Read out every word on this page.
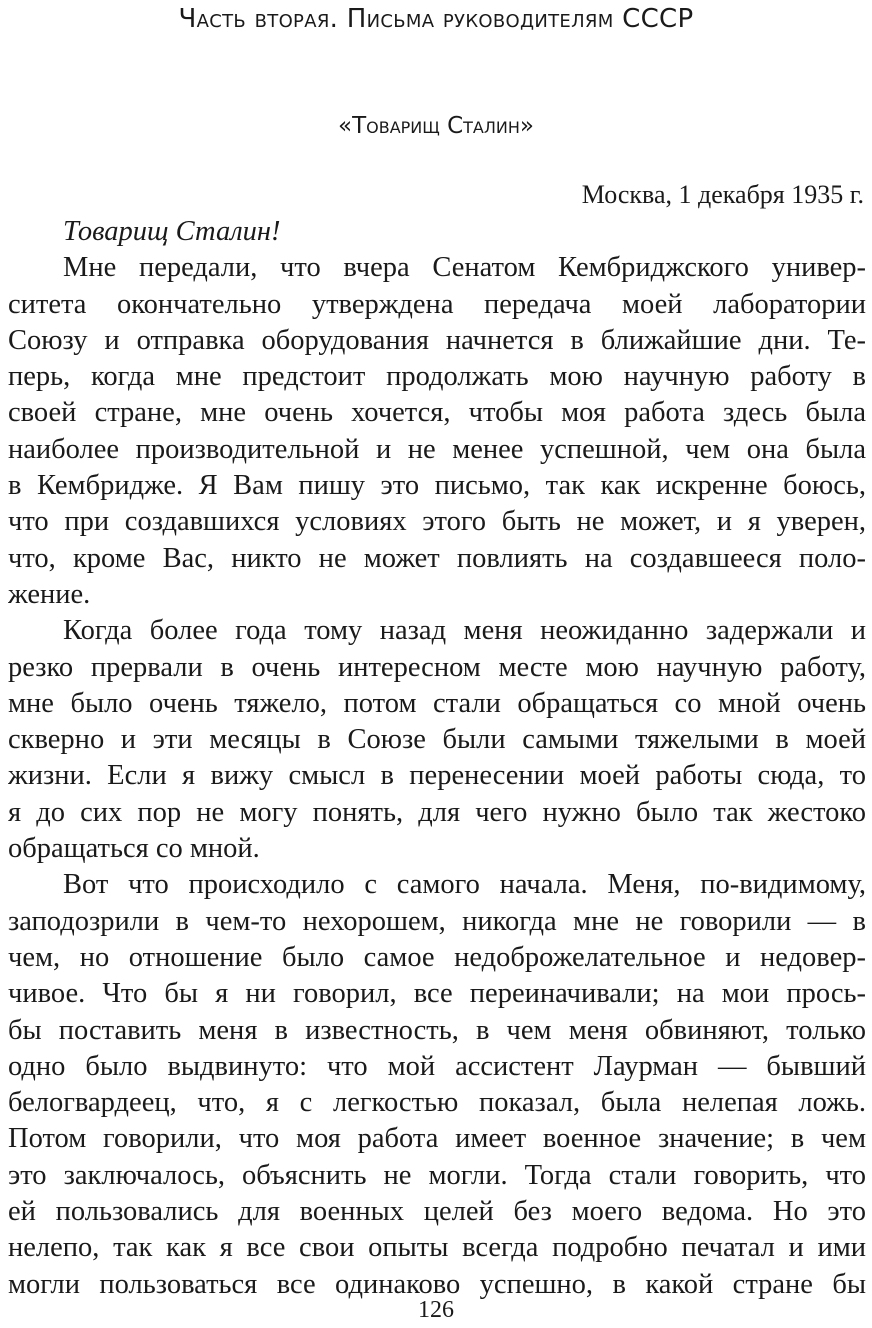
Часть вторая. Письма руководителям СССР
«Товарищ Сталин»
Москва, 1 декабря 1935 г.
Товарищ Сталин!
Мне передали, что вчера Сенатом Кембриджского универ-
ситета окончательно утверждена передача моей лаборатории
Союзу и отправка оборудования начнется в ближайшие дни. Те-
перь, когда мне предстоит продолжать мою научную работу в
своей стране, мне очень хочется, чтобы моя работа здесь была
наиболее производительной и не менее успешной, чем она была
в Кембридже. Я Вам пишу это письмо, так как искренне боюсь,
что при создавшихся условиях этого быть не может, и я уверен,
что, кроме Вас, никто не может повлиять на создавшееся поло-
жение.
Когда более года тому назад меня неожиданно задержали и
резко прервали в очень интересном месте мою научную работу,
мне было очень тяжело, потом стали обращаться со мной очень
скверно и эти месяцы в Союзе были самыми тяжелыми в моей
жизни. Если я вижу смысл в перенесении моей работы сюда, то
я до сих пор не могу понять, для чего нужно было так жестоко
обращаться со мной.
Вот что происходило с самого начала. Меня, по-видимому,
заподозрили в чем-то нехорошем, никогда мне не говорили — в
чем, но отношение было самое недоброжелательное и недовер-
чивое. Что бы я ни говорил, все переиначивали; на мои прось-
бы поставить меня в известность, в чем меня обвиняют, только
одно было выдвинуто: что мой ассистент Лаурман — бывший
белогвардеец, что, я с легкостью показал, была нелепая ложь.
Потом говорили, что моя работа имеет военное значение; в чем
это заключалось, объяснить не могли. Тогда стали говорить, что
ей пользовались для военных целей без моего ведома. Но это
нелепо, так как я все свои опыты всегда подробно печатал и ими
могли пользоваться все одинаково успешно, в какой стране бы
126
